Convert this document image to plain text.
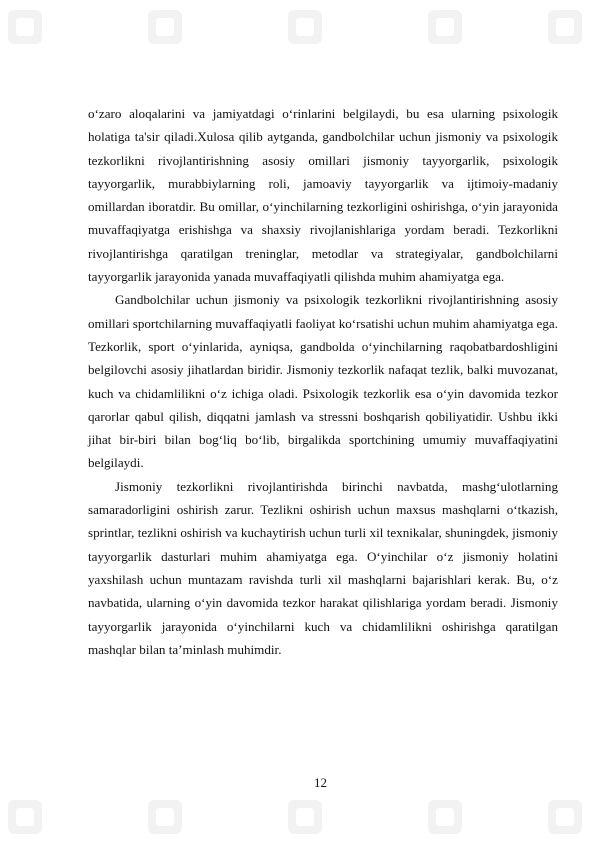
o‘zaro aloqalarini va jamiyatdagi o‘rinlarini belgilaydi, bu esa ularning psixologik holatiga ta'sir qiladi.Xulosa qilib aytganda, gandbolchilar uchun jismoniy va psixologik tezkorlikni rivojlantirishning asosiy omillari jismoniy tayyorgarlik, psixologik tayyorgarlik, murabbiylarning roli, jamoaviy tayyorgarlik va ijtimoiy-madaniy omillardan iboratdir. Bu omillar, o‘yinchilarning tezkorligini oshirishga, o‘yin jarayonida muvaffaqiyatga erishishga va shaxsiy rivojlanishlariga yordam beradi. Tezkorlikni rivojlantirishga qaratilgan treninglar, metodlar va strategiyalar, gandbolchilarni tayyorgarlik jarayonida yanada muvaffaqiyatli qilishda muhim ahamiyatga ega.

Gandbolchilar uchun jismoniy va psixologik tezkorlikni rivojlantirishning asosiy omillari sportchilarning muvaffaqiyatli faoliyat ko‘rsatishi uchun muhim ahamiyatga ega. Tezkorlik, sport o‘yinlarida, ayniqsa, gandbolda o‘yinchilarning raqobatbardoshligini belgilovchi asosiy jihatlardan biridir. Jismoniy tezkorlik nafaqat tezlik, balki muvozanat, kuch va chidamlilikni o‘z ichiga oladi. Psixologik tezkorlik esa o‘yin davomida tezkor qarorlar qabul qilish, diqqatni jamlash va stressni boshqarish qobiliyatidir. Ushbu ikki jihat bir-biri bilan bog‘liq bo‘lib, birgalikda sportchining umumiy muvaffaqiyatini belgilaydi.

Jismoniy tezkorlikni rivojlantirishda birinchi navbatda, mashg‘ulotlarning samaradorligini oshirish zarur. Tezlikni oshirish uchun maxsus mashqlarni o‘tkazish, sprintlar, tezlikni oshirish va kuchaytirish uchun turli xil texnikalar, shuningdek, jismoniy tayyorgarlik dasturlari muhim ahamiyatga ega. O‘yinchilar o‘z jismoniy holatini yaxshilash uchun muntazam ravishda turli xil mashqlarni bajarishlari kerak. Bu, o‘z navbatida, ularning o‘yin davomida tezkor harakat qilishlariga yordam beradi. Jismoniy tayyorgarlik jarayonida o‘yinchilarni kuch va chidamlilikni oshirishga qaratilgan mashqlar bilan ta’minlash muhimdir.

12
